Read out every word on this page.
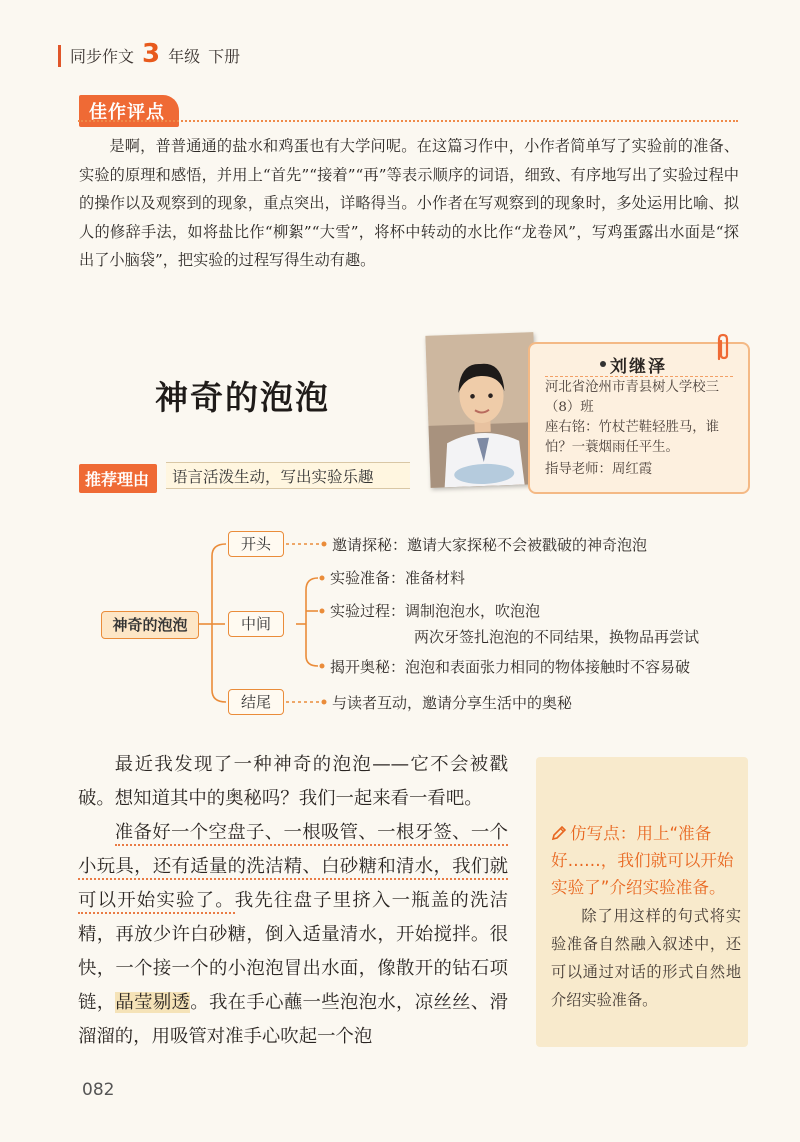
同步作文 3 年级 下册
佳作评点
是啊，普普通通的盐水和鸡蛋也有大学问呢。在这篇习作中，小作者简单写了实验前的准备、实验的原理和感悟，并用上“首先”“接着”“再”等表示顺序的词语，细致、有序地写出了实验过程中的操作以及观察到的现象，重点突出，详略得当。小作者在写观察到的现象时，多处运用比喻、拟人的修辞手法，如将盐比作“柳絮”“大雪”，将杯中转动的水比作“龙卷风”，写鸡蛋露出水面是“探出了小脑袋”，把实验的过程写得生动有趣。
神奇的泡泡
推荐理由	语言活泼生动，写出实验乐趣
刘继泽
河北省沧州市青县树人学校三（8）班
座右铭：竹杖芒鞋轻胜马，谁怕？一蓑烟雨任平生。
指导老师：周红霞
神奇的泡泡
开头
中间
结尾
邀请探秘：邀请大家探秘不会被戳破的神奇泡泡
实验准备：准备材料
实验过程：调制泡泡水，吹泡泡
两次牙签扎泡泡的不同结果，换物品再尝试
揭开奥秘：泡泡和表面张力相同的物体接触时不容易破
与读者互动，邀请分享生活中的奥秘

最近我发现了一种神奇的泡泡——它不会被戳破。想知道其中的奥秘吗？我们一起来看一看吧。

准备好一个空盘子、一根吸管、一根牙签、一个小玩具，还有适量的洗洁精、白砂糖和清水，我们就可以开始实验了。我先往盘子里挤入一瓶盖的洗洁精，再放少许白砂糖，倒入适量清水，开始搅拌。很快，一个接一个的小泡泡冒出水面，像散开的钻石项链，晶莹剔透。我在手心蘸一些泡泡水，凉丝丝、滑溜溜的，用吸管对准手心吹起一个泡

仿写点：用上“准备好……，我们就可以开始实验了”介绍实验准备。
除了用这样的句式将实验准备自然融入叙述中，还可以通过对话的形式自然地介绍实验准备。
082
